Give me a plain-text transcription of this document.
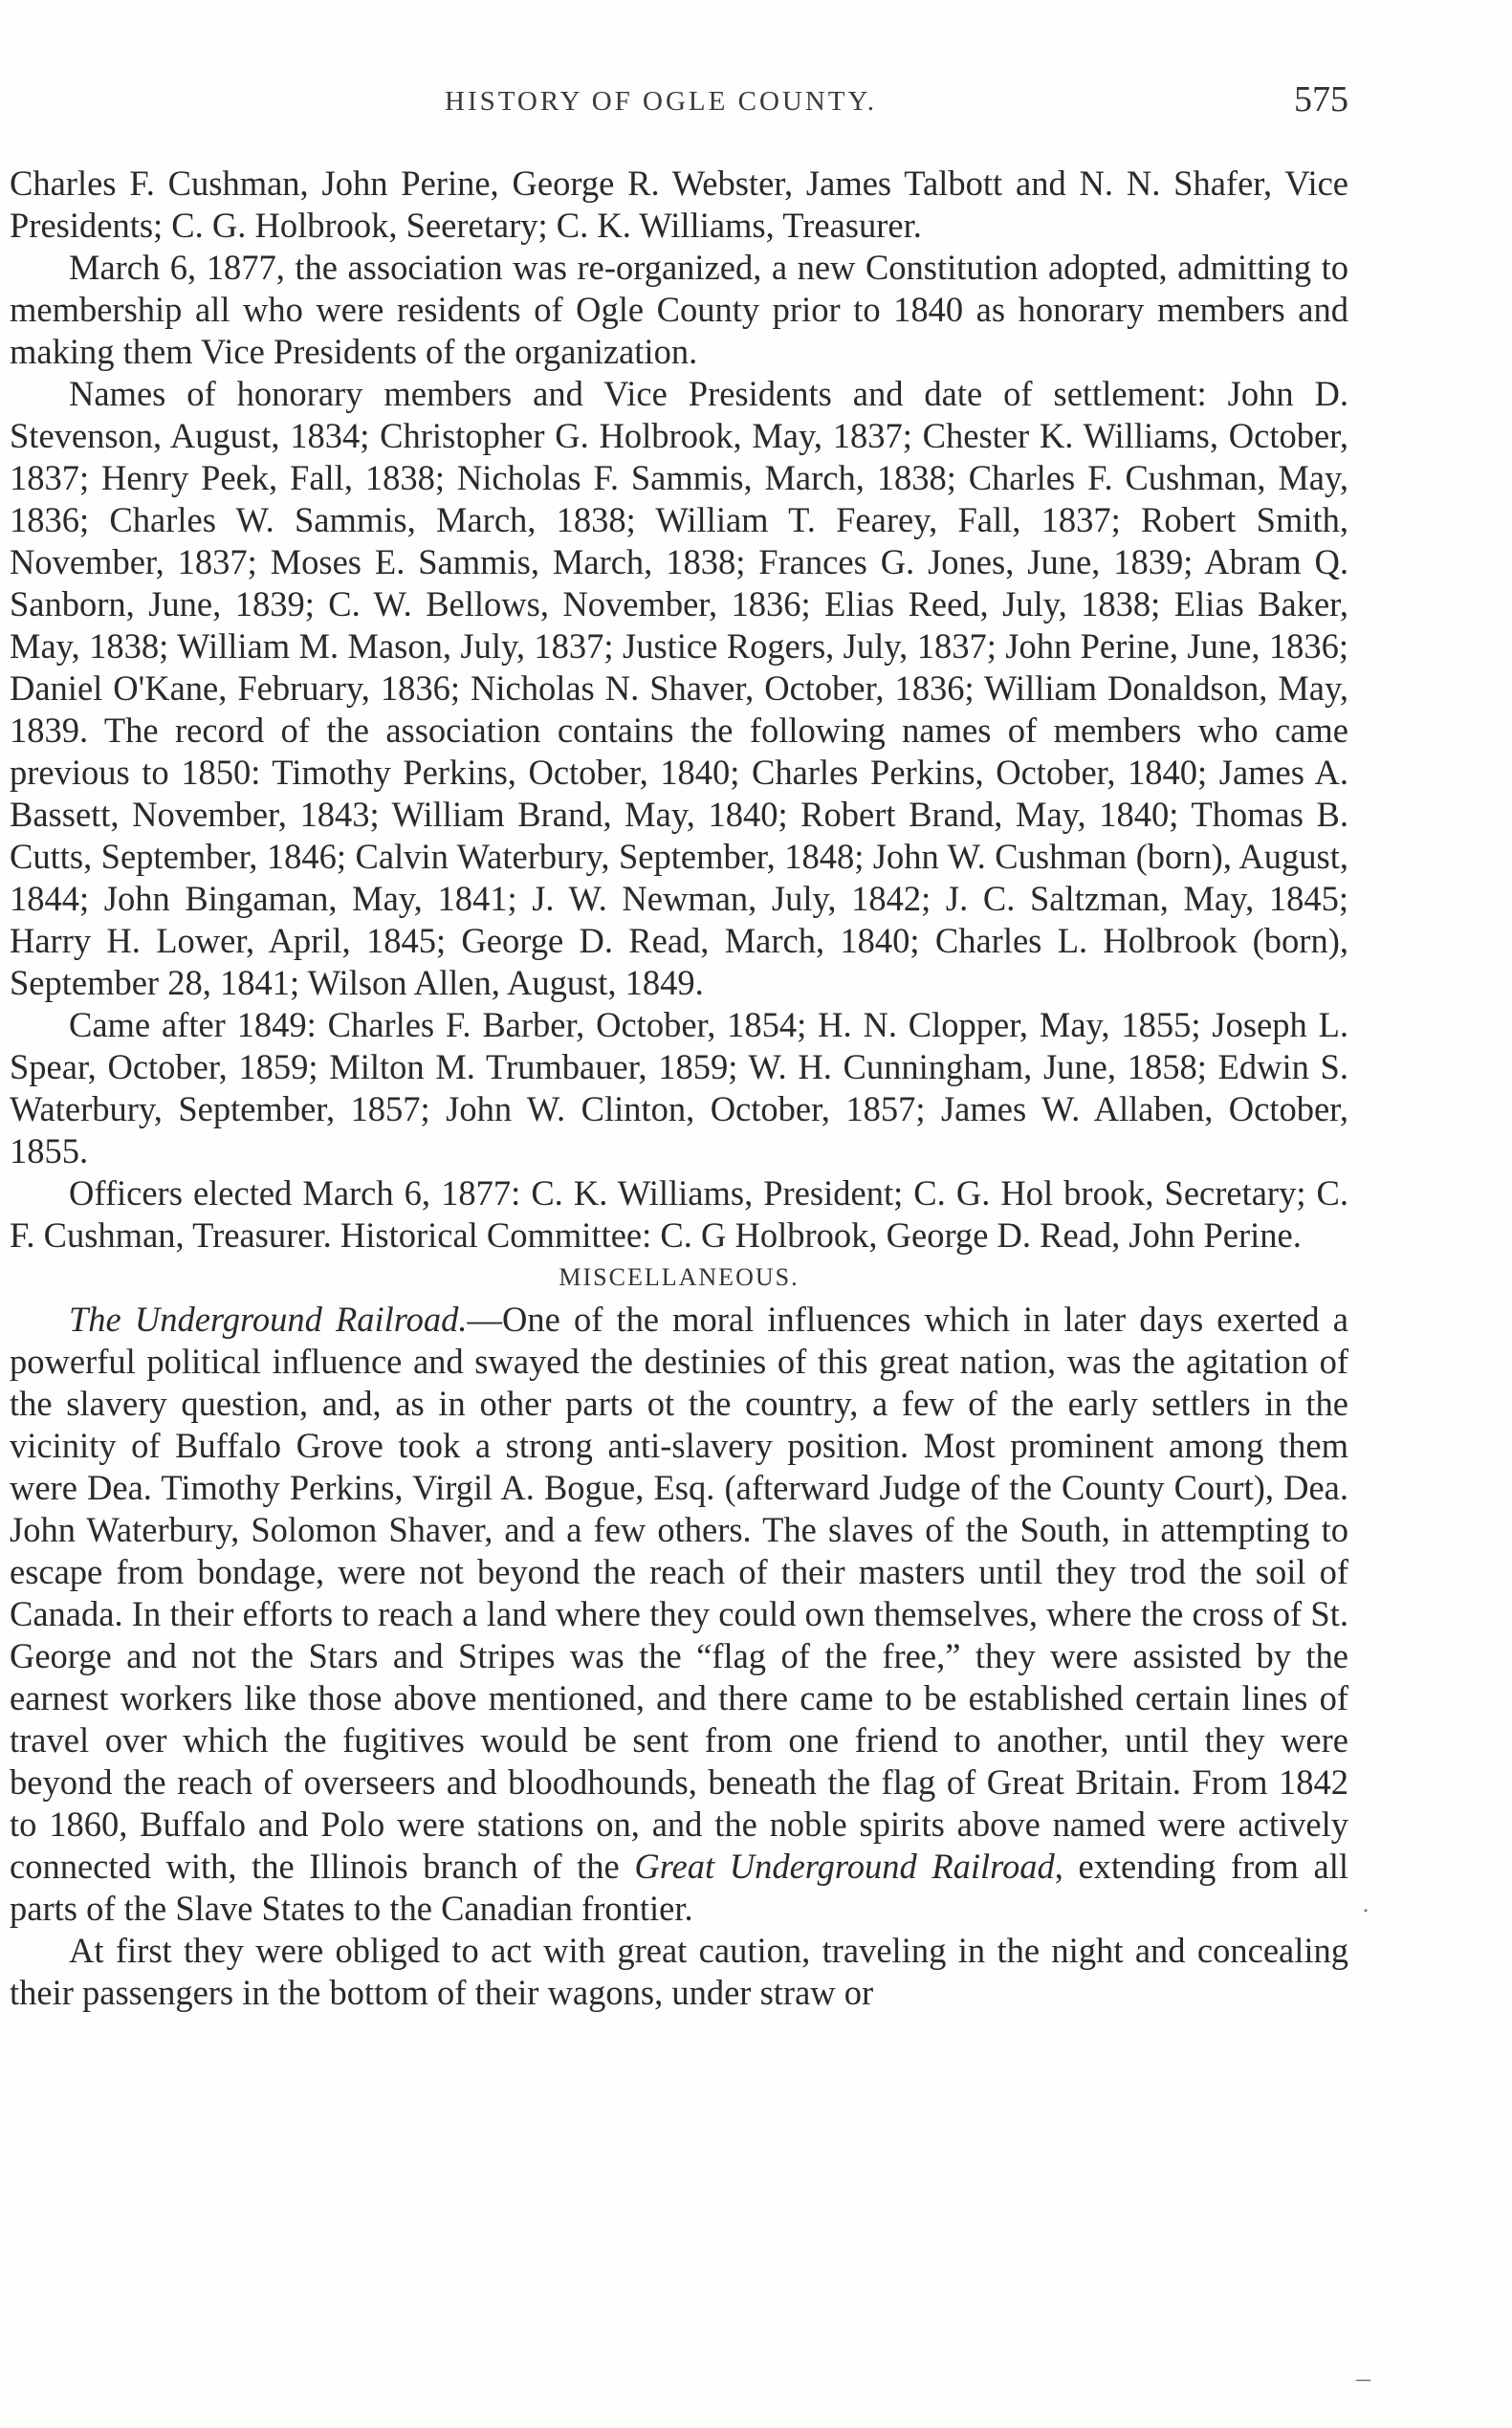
HISTORY OF OGLE COUNTY.	575

Charles F. Cushman, John Perine, George R. Webster, James Talbott and N. N. Shafer, Vice Presidents; C. G. Holbrook, Seeretary; C. K. Williams, Treasurer.

March 6, 1877, the association was re-organized, a new Constitution adopted, admitting to membership all who were residents of Ogle County prior to 1840 as honorary members and making them Vice Presidents of the organization.

Names of honorary members and Vice Presidents and date of settlement: John D. Stevenson, August, 1834; Christopher G. Holbrook, May, 1837; Chester K. Williams, October, 1837; Henry Peek, Fall, 1838; Nicholas F. Sammis, March, 1838; Charles F. Cushman, May, 1836; Charles W. Sammis, March, 1838; William T. Fearey, Fall, 1837; Robert Smith, November, 1837; Moses E. Sammis, March, 1838; Frances G. Jones, June, 1839; Abram Q. Sanborn, June, 1839; C. W. Bellows, November, 1836; Elias Reed, July, 1838; Elias Baker, May, 1838; William M. Mason, July, 1837; Justice Rogers, July, 1837; John Perine, June, 1836; Daniel O'Kane, February, 1836; Nicholas N. Shaver, October, 1836; William Donaldson, May, 1839. The record of the association contains the following names of members who came previous to 1850: Timothy Perkins, October, 1840; Charles Perkins, October, 1840; James A. Bassett, November, 1843; William Brand, May, 1840; Robert Brand, May, 1840; Thomas B. Cutts, September, 1846; Calvin Waterbury, September, 1848; John W. Cushman (born), August, 1844; John Bingaman, May, 1841; J. W. Newman, July, 1842; J. C. Saltzman, May, 1845; Harry H. Lower, April, 1845; George D. Read, March, 1840; Charles L. Holbrook (born), September 28, 1841; Wilson Allen, August, 1849.

Came after 1849: Charles F. Barber, October, 1854; H. N. Clopper, May, 1855; Joseph L. Spear, October, 1859; Milton M. Trumbauer, 1859; W. H. Cunningham, June, 1858; Edwin S. Waterbury, September, 1857; John W. Clinton, October, 1857; James W. Allaben, October, 1855.

Officers elected March 6, 1877: C. K. Williams, President; C. G. Hol brook, Secretary; C. F. Cushman, Treasurer. Historical Committee: C. G Holbrook, George D. Read, John Perine.

MISCELLANEOUS.

The Underground Railroad.—One of the moral influences which in later days exerted a powerful political influence and swayed the destinies of this great nation, was the agitation of the slavery question, and, as in other parts ot the country, a few of the early settlers in the vicinity of Buffalo Grove took a strong anti-slavery position. Most prominent among them were Dea. Timothy Perkins, Virgil A. Bogue, Esq. (afterward Judge of the County Court), Dea. John Waterbury, Solomon Shaver, and a few others. The slaves of the South, in attempting to escape from bondage, were not beyond the reach of their masters until they trod the soil of Canada. In their efforts to reach a land where they could own themselves, where the cross of St. George and not the Stars and Stripes was the “flag of the free,” they were assisted by the earnest workers like those above mentioned, and there came to be established certain lines of travel over which the fugitives would be sent from one friend to another, until they were beyond the reach of overseers and bloodhounds, beneath the flag of Great Britain. From 1842 to 1860, Buffalo and Polo were stations on, and the noble spirits above named were actively connected with, the Illinois branch of the Great Underground Railroad, extending from all parts of the Slave States to the Canadian frontier.

At first they were obliged to act with great caution, traveling in the night and concealing their passengers in the bottom of their wagons, under straw or

˙
–
